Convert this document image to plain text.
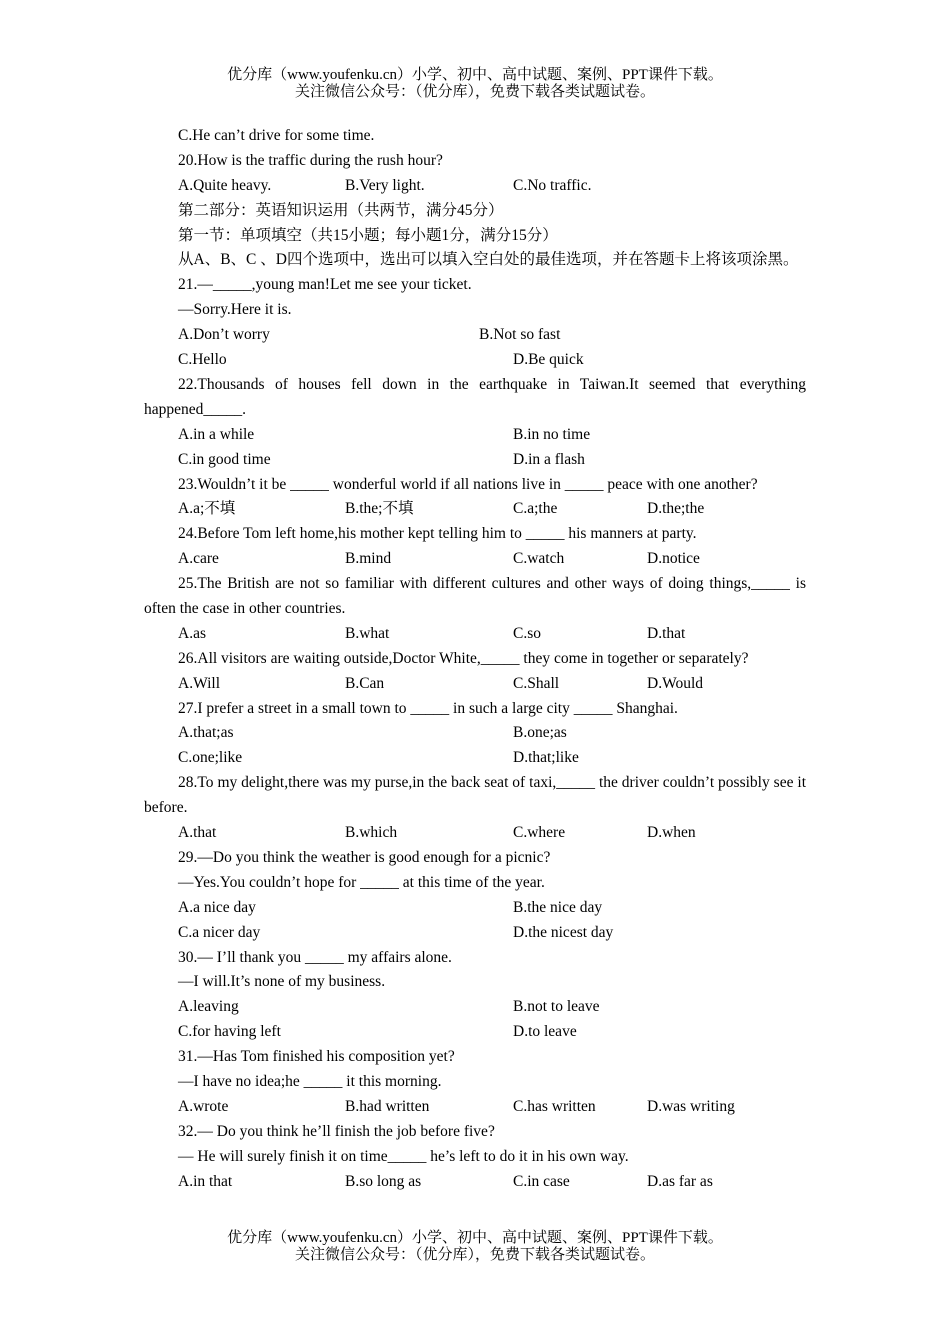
优分库（www.youfenku.cn）小学、初中、高中试题、案例、PPT课件下载。
关注微信公众号：（优分库），免费下载各类试题试卷。
C.He can’t drive for some time.
20.How is the traffic during the rush hour?
A.Quite heavy.	B.Very light.	C.No traffic.
第二部分：英语知识运用（共两节，满分45分）
第一节：单项填空（共15小题；每小题1分，满分15分）
从A、B、C 、D四个选项中，选出可以填入空白处的最佳选项，并在答题卡上将该项涂黑。
21.—_____,young man!Let me see your ticket.
—Sorry.Here it is.
A.Don’t worry	B.Not so fast
C.Hello	D.Be quick
22.Thousands of houses fell down in the earthquake in Taiwan.It seemed that everything happened_____.
A.in a while	B.in no time
C.in good time	D.in a flash
23.Wouldn’t it be _____ wonderful world if all nations live in _____ peace with one another?
A.a;不填	B.the;不填	C.a;the	D.the;the
24.Before Tom left home,his mother kept telling him to _____ his manners at party.
A.care	B.mind	C.watch	D.notice
25.The British are not so familiar with different cultures and other ways of doing things,_____ is often the case in other countries.
A.as	B.what	C.so	D.that
26.All visitors are waiting outside,Doctor White,_____ they come in together or separately?
A.Will	B.Can	C.Shall	D.Would
27.I prefer a street in a small town to _____ in such a large city _____ Shanghai.
A.that;as	B.one;as
C.one;like	D.that;like
28.To my delight,there was my purse,in the back seat of taxi,_____ the driver couldn’t possibly see it before.
A.that	B.which	C.where	D.when
29.—Do you think the weather is good enough for a picnic?
—Yes.You couldn’t hope for _____ at this time of the year.
A.a nice day	B.the nice day
C.a nicer day	D.the nicest day
30.— I’ll thank you _____ my affairs alone.
—I will.It’s none of my business.
A.leaving	B.not to leave
C.for having left	D.to leave
31.—Has Tom finished his composition yet?
—I have no idea;he _____ it this morning.
A.wrote	B.had written	C.has written	D.was writing
32.— Do you think he’ll finish the job before five?
— He will surely finish it on time_____ he’s left to do it in his own way.
A.in that	B.so long as	C.in case	D.as far as
优分库（www.youfenku.cn）小学、初中、高中试题、案例、PPT课件下载。
关注微信公众号：（优分库），免费下载各类试题试卷。
